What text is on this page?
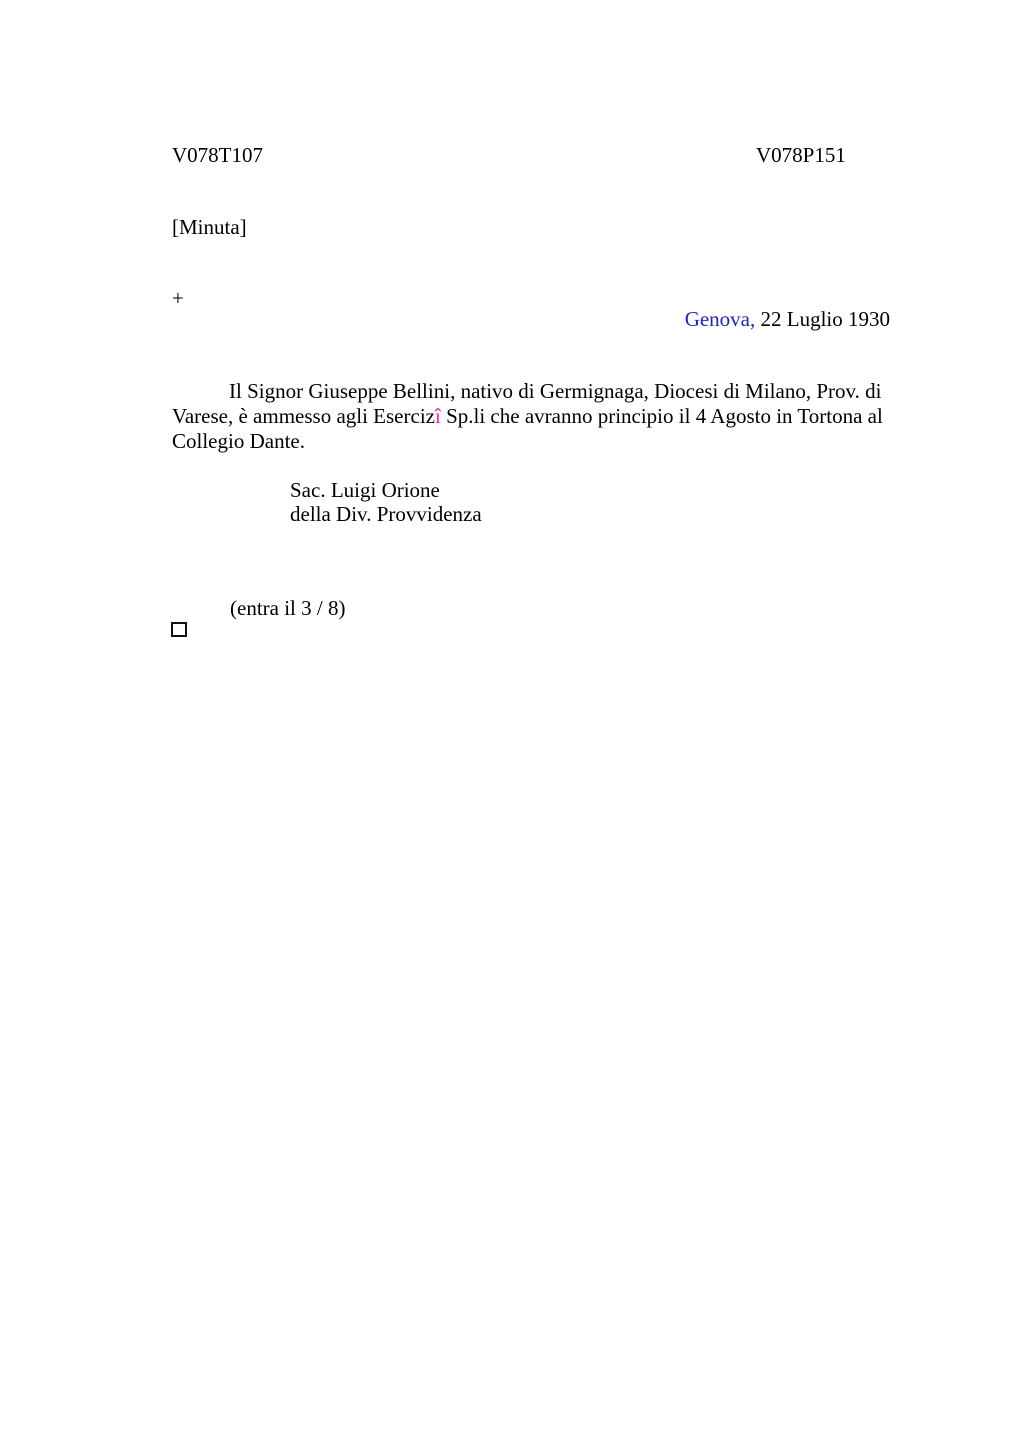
V078T107	V078P151
[Minuta]
+
Genova, 22 Luglio 1930
Il Signor Giuseppe Bellini, nativo di Germignaga, Diocesi di Milano, Prov. di
Varese, è ammesso agli Esercizî Sp.li che avranno principio il 4 Agosto in Tortona al
Collegio Dante.
Sac. Luigi Orione
della Div. Provvidenza
(entra il 3 / 8)
